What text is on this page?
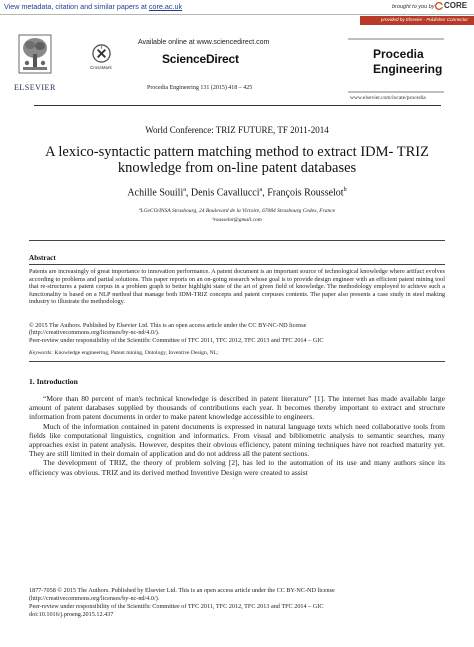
View metadata, citation and similar papers at core.ac.uk	brought to you by CORE
provided by Elsevier - Publisher Connector
ELSEVIER
CrossMark
Available online at www.sciencedirect.com
ScienceDirect
Procedia Engineering 131 (2015) 418 – 425
Procedia
Engineering
www.elsevier.com/locate/procedia
World Conference: TRIZ FUTURE, TF 2011-2014
A lexico-syntactic pattern matching method to extract IDM- TRIZ knowledge from on-line patent databases
Achille Souili$^a$, Denis Cavallucci$^a$, François Rousselot$^b$
ªLGeCO/INSA Strasbourg, 24 Boulevard de la Victoire, 67084 Strasbourg Cedex, France
ᵇrousselot@gmail.com
Abstract
Patents are increasingly of great importance to innovation performance. A patent document is an important source of technological knowledge where artifact evolves according to problems and partial solutions. This paper reports on an on-going research whose goal is to provide design engineer with an efficient patent mining tool that re-structures a patent corpus in a problem graph to better highlight state of the art of given field of knowledge. The methodology employed to achieve such a functionality is based on a NLP method that manage both IDM-TRIZ concepts and patent corpuses contents. The paper also presents a case study in steel making industry to illustrate the methodology.
© 2015 The Authors. Published by Elsevier Ltd. This is an open access article under the CC BY-NC-ND license
(http://creativecommons.org/licenses/by-nc-nd/4.0/).
Peer-review under responsibility of the Scientific Committee of TFC 2011, TFC 2012, TFC 2013 and TFC 2014 – GIC
Keywords: Knowledge engineering, Patent mining, Ontology, Inventive Design, NL;
1. Introduction

“More than 80 percent of man's technical knowledge is described in patent literature” [1]. The internet has made available large amount of patent databases supplied by thousands of contributions each year. It becomes thereby important to extract and structure information from patent documents in order to make patent knowledge accessible to engineers.

Much of the information contained in patent documents is expressed in natural language texts which need collaborative tools from fields like computational linguistics, cognition and informatics. From visual and bibliometric analysis to semantic searches, many approaches exist in patent analysis. However, despites their obvious efficiency, patent mining techniques have not reached maturity yet. They are still limited in their domain of application and do not address all the patent sections.

The development of TRIZ, the theory of problem solving [2], has led to the automation of its use and many authors since its efficiency was obvious. TRIZ and its derived method Inventive Design were created to assist

1877-7058 © 2015 The Authors. Published by Elsevier Ltd. This is an open access article under the CC BY-NC-ND license
(http://creativecommons.org/licenses/by-nc-nd/4.0/).
Peer-review under responsibility of the Scientific Committee of TFC 2011, TFC 2012, TFC 2013 and TFC 2014 – GIC
doi:10.1016/j.proeng.2015.12.437
